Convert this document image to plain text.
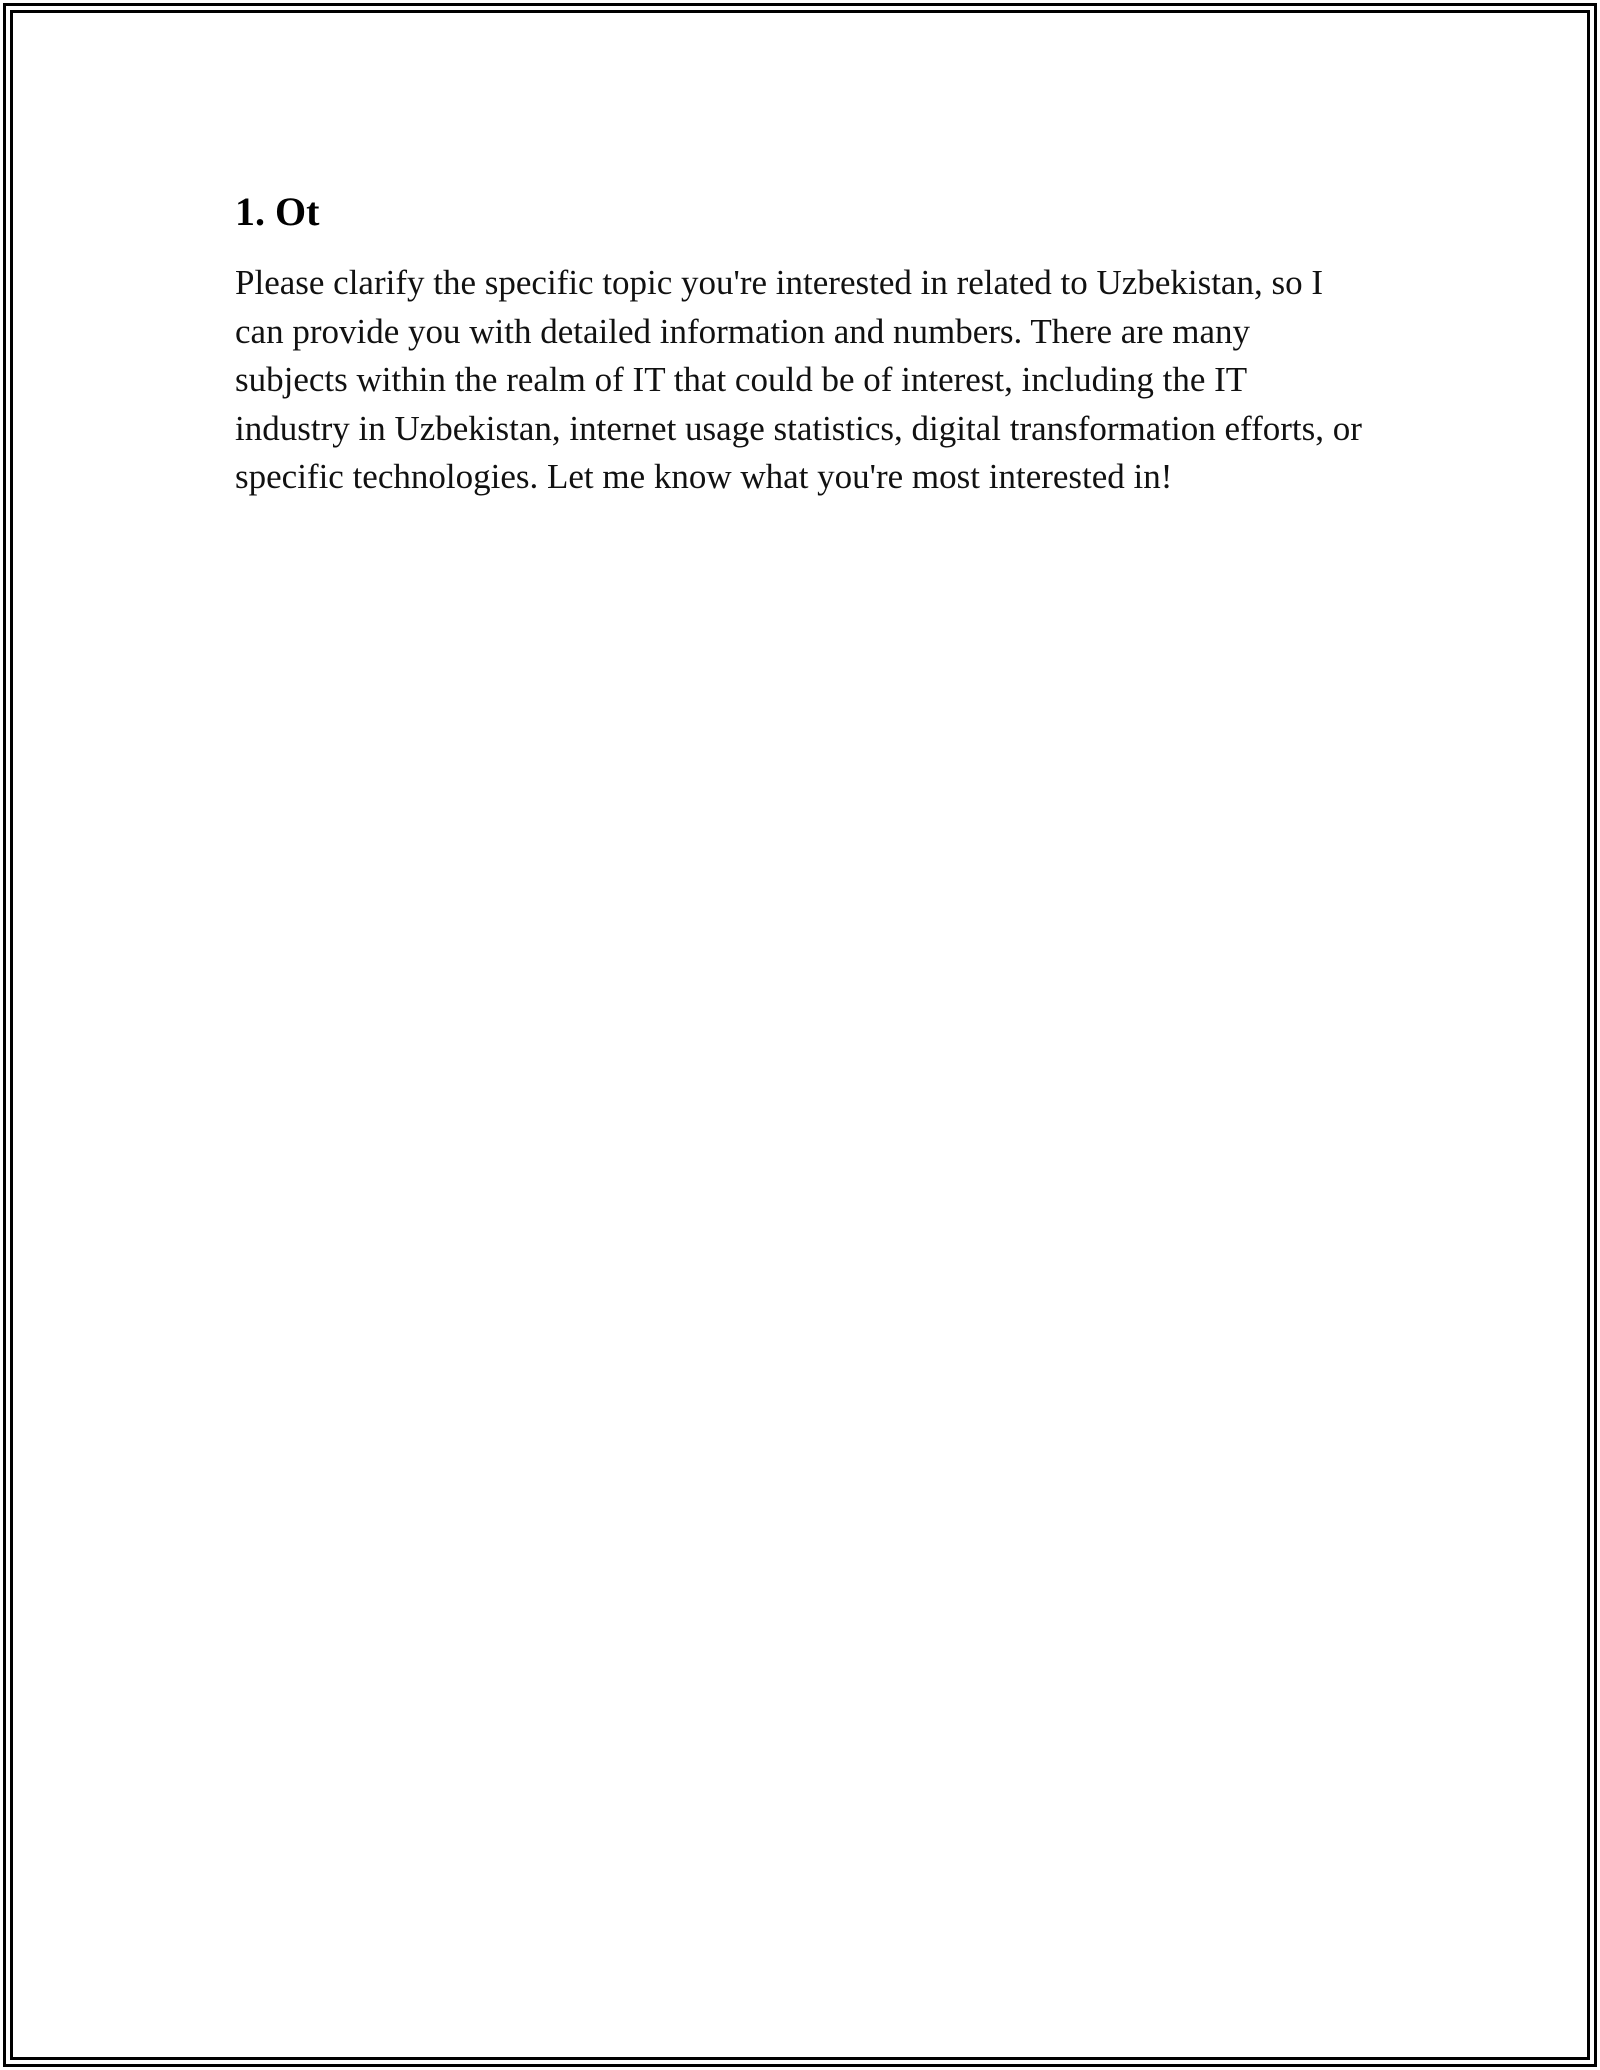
1. Ot

Please clarify the specific topic you're interested in related to Uzbekistan, so I can provide you with detailed information and numbers. There are many subjects within the realm of IT that could be of interest, including the IT industry in Uzbekistan, internet usage statistics, digital transformation efforts, or specific technologies. Let me know what you're most interested in!
